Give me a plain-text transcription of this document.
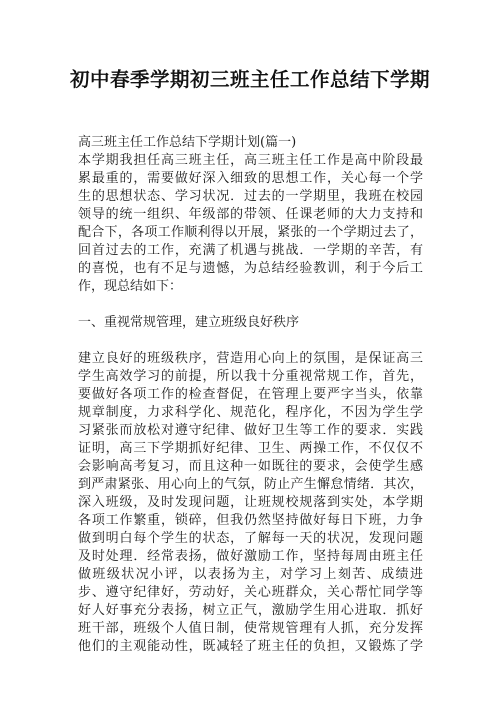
初中春季学期初三班主任工作总结下学期
高三班主任工作总结下学期计划(篇一)
本学期我担任高三班主任，高三班主任工作是高中阶段最
累最重的，需要做好深入细致的思想工作，关心每一个学
生的思想状态、学习状况．过去的一学期里，我班在校园
领导的统一组织、年级部的带领、任课老师的大力支持和
配合下，各项工作顺利得以开展，紧张的一个学期过去了，
回首过去的工作，充满了机遇与挑战．一学期的辛苦，有
的喜悦，也有不足与遗憾，为总结经验教训，利于今后工
作，现总结如下：
一、重视常规管理，建立班级良好秩序
建立良好的班级秩序，营造用心向上的氛围，是保证高三
学生高效学习的前提，所以我十分重视常规工作，首先，
要做好各项工作的检查督促，在管理上要严字当头，依靠
规章制度，力求科学化、规范化，程序化，不因为学生学
习紧张而放松对遵守纪律、做好卫生等工作的要求．实践
证明，高三下学期抓好纪律、卫生、两操工作，不仅仅不
会影响高考复习，而且这种一如既往的要求，会使学生感
到严肃紧张、用心向上的气氛，防止产生懈怠情绪．其次，
深入班级，及时发现问题，让班规校规落到实处，本学期
各项工作繁重，锁碎，但我仍然坚持做好每日下班，力争
做到明白每个学生的状态，了解每一天的状况，发现问题
及时处理．经常表扬，做好激励工作，坚持每周由班主任
做班级状况小评，以表扬为主，对学习上刻苦、成绩进
步、遵守纪律好，劳动好，关心班群众，关心帮忙同学等
好人好事充分表扬，树立正气，激励学生用心进取．抓好
班干部，班级个人值日制，使常规管理有人抓，充分发挥
他们的主观能动性，既减轻了班主任的负担，又锻炼了学
